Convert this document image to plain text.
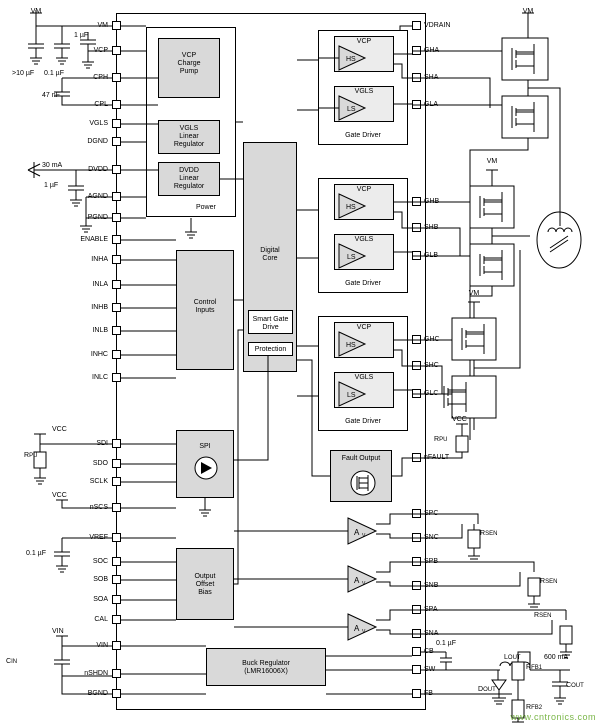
VM
VCP
CPH
CPL
VGLS
DGND
DVDD
AGND
PGND
ENABLE
INHA
INLA
INHB
INLB
INHC
INLC
SDI
SDO
SCLK
nSCS
VREF
SOC
SOB
SOA
CAL
VIN
nSHDN
BGND
VDRAIN
GHA
SHA
GLA
GHB
SHB
GLB
GHC
SHC
GLC
nFAULT
SPC
SNC
SPB
SNB
SPA
SNA
CB
SW
FB
Power
VCP
Charge
Pump
VGLS
Linear
Regulator
DVDD
Linear
Regulator
Control
Inputs
Digital
Core
Smart Gate
Drive
Protection
SPI
Output
Offset
Bias
Fault Output
Buck Regulator
(LMR16006X)
Gate Driver
VCP
HS
VGLS
LS
Gate Driver
VCP
HS
VGLS
LS
Gate Driver
VCP
HS
VGLS
LS
A V
A V
A V
VM
>10 µF 0.1 µF
1 µF
47 nF
30 mA
1 µF
VCC
RPU
VCC
0.1 µF
VIN
CIN
VM
VM
VM
VCC
RPU
RSEN
RSEN
RSEN
0.1 µF
LOUT
DOUT
600 mA
COUT
RFB1
RFB2
www.cntronics.com
